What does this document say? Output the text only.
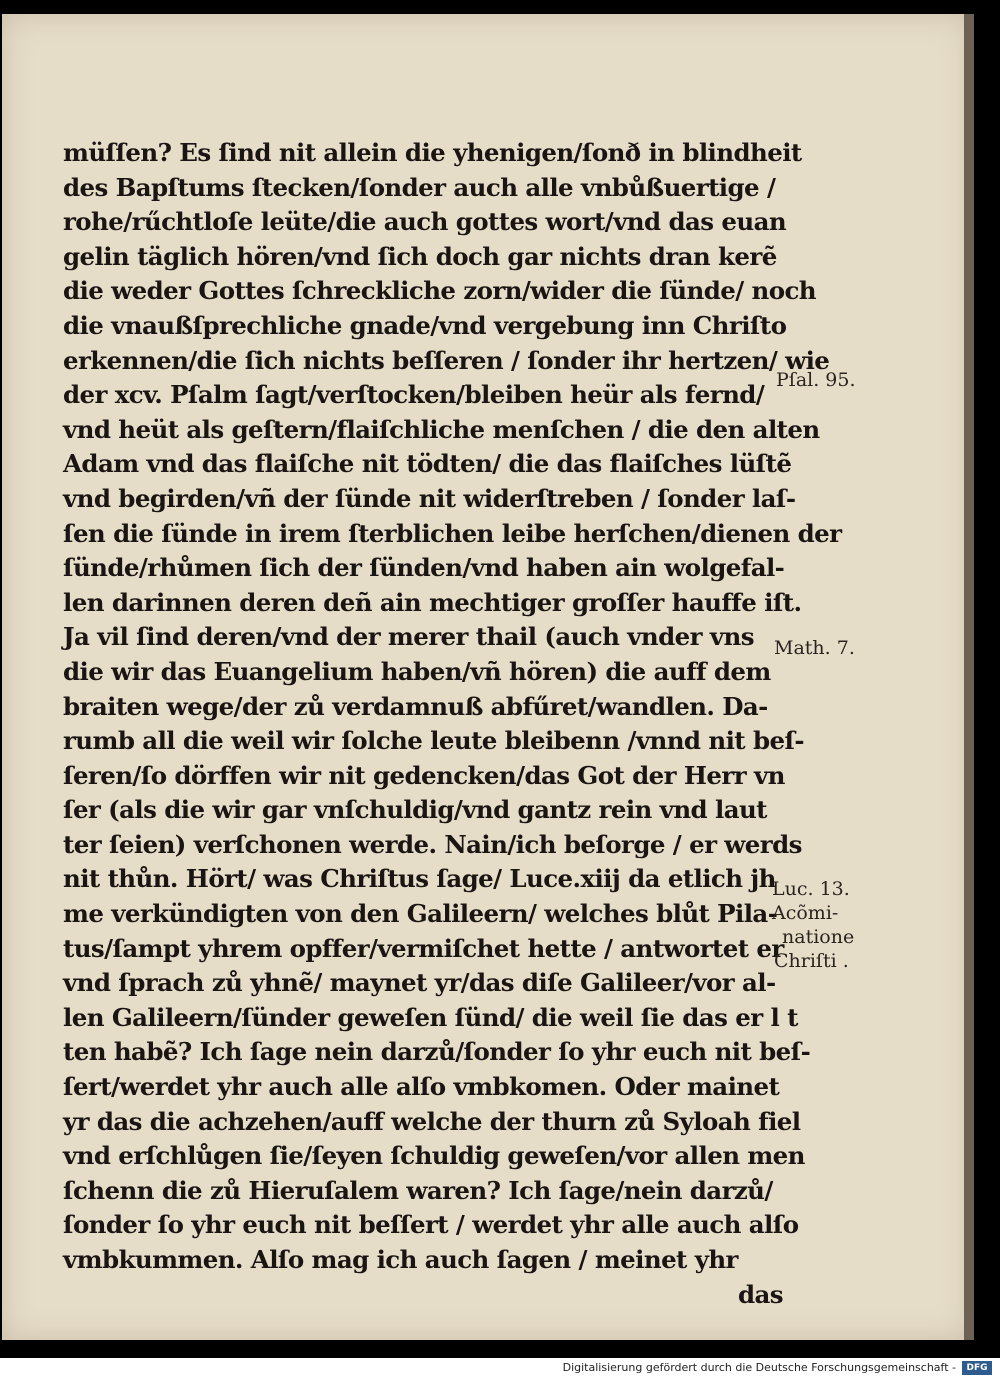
müſſen? Es ſind nit allein die yhenigen/ſonð in blindheit
des Bapſtums ſtecken/ſonder auch alle vnbůßuertige /
rohe/rűchtloſe leüte/die auch gottes wort/vnd das euan
gelin täglich hören/vnd ſich doch gar nichts dran kerẽ
die weder Gottes ſchreckliche zorn/wider die ſünde/ noch
die vnaußſprechliche gnade/vnd vergebung inn Chriſto
erkennen/die ſich nichts beſſeren / ſonder ihr hertzen/ wie
der xcv. Pſalm ſagt/verſtocken/bleiben heür als fernd/
vnd heüt als geſtern/flaiſchliche menſchen / die den alten
Adam vnd das flaiſche nit tödten/ die das flaiſches lüſtẽ
vnd begirden/vñ der ſünde nit widerſtreben / ſonder laſ‑
ſen die ſünde in irem ſterblichen leibe herſchen/dienen der
ſünde/rhůmen ſich der ſünden/vnd haben ain wolgefal‑
len darinnen deren deñ ain mechtiger groſſer hauffe iſt.
Ja vil ſind deren/vnd der merer thail (auch vnder vns
die wir das Euangelium haben/vñ hören) die auff dem
braiten wege/der zů verdamnuß abfűret/wandlen. Da‑
rumb all die weil wir ſolche leute bleibenn /vnnd nit beſ‑
ſeren/ſo dörffen wir nit gedencken/das Got der Herr vn
ſer (als die wir gar vnſchuldig/vnd gantz rein vnd laut
ter ſeien) verſchonen werde. Nain/ich beſorge / er werds
nit thůn. Hört/ was Chriſtus ſage/ Luce.xiij da etlich jh
me verkündigten von den Galileern/ welches blůt Pila‑
tus/ſampt yhrem opffer/vermiſchet hette / antwortet er
vnd ſprach zů yhnẽ/ maynet yr/das diſe Galileer/vor al‑
len Galileern/ſünder geweſen ſünd/ die weil ſie das er l t
ten habẽ? Ich ſage nein darzů/ſonder ſo yhr euch nit beſ‑
ſert/werdet yhr auch alle alſo vmbkomen. Oder mainet
yr das die achzehen/auff welche der thurn zů Syloah fiel
vnd erſchlůgen ſie/ſeyen ſchuldig geweſen/vor allen men
ſchenn die zů Hieruſalem waren? Ich ſage/nein darzů/
ſonder ſo yhr euch nit beſſert / werdet yhr alle auch alſo
vmbkummen. Alſo mag ich auch ſagen / meinet yhr
das

Pſal. 95.

Math. 7.

Luc. 13.

Acõmi‑

natione

Chriſti .

Digitalisierung gefördert durch die Deutsche Forschungsgemeinschaft -	DFG
